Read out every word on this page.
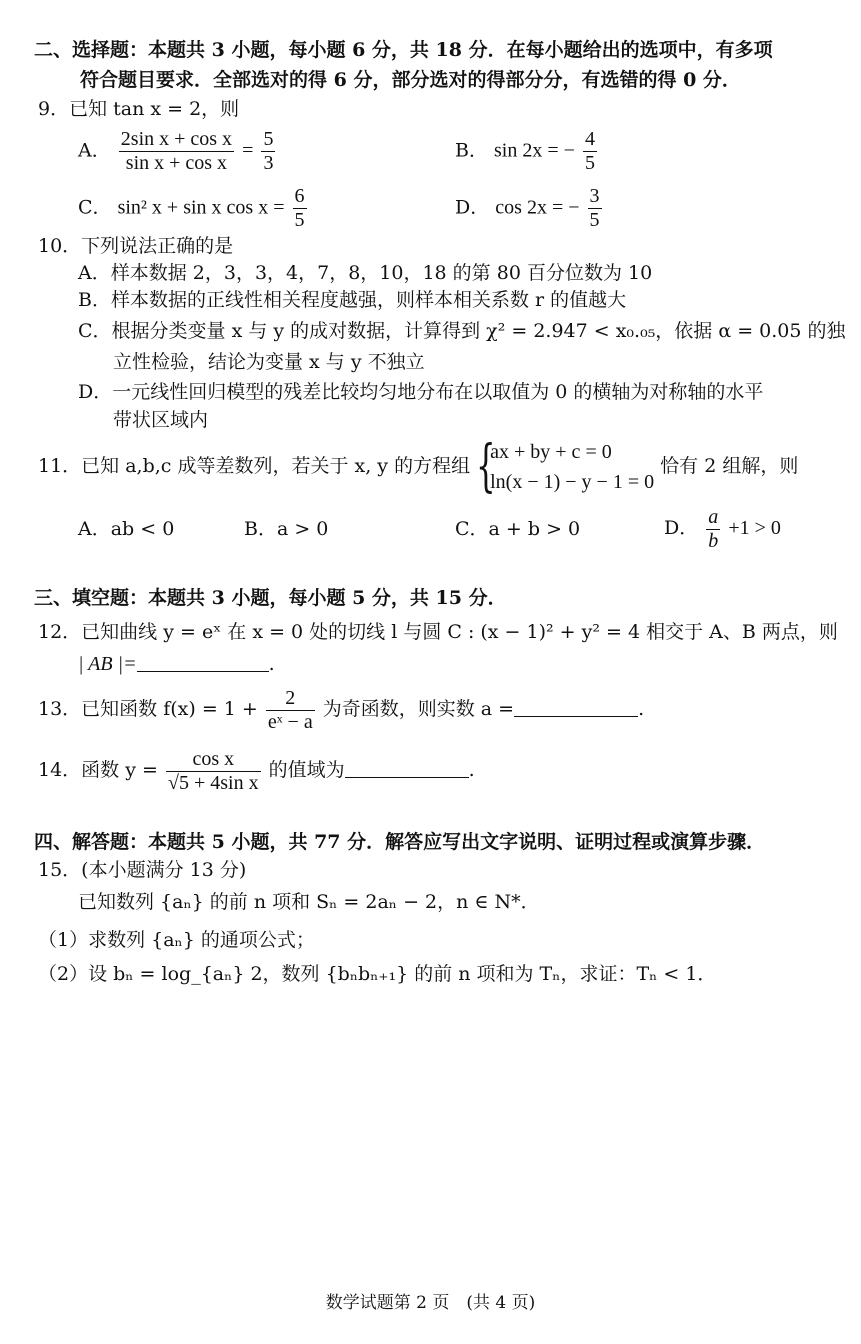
二、选择题：本题共 3 小题，每小题 6 分，共 18 分．在每小题给出的选项中，有多项
符合题目要求．全部选对的得 6 分，部分选对的得部分分，有选错的得 0 分．
9．已知 tan x = 2，则
A． $\frac{\text{2sin x + cos x}}{\text{sin x + cos x}} = \frac{5}{3}$	B． sin 2x = − $\frac{4}{5}$
C． sin² x + sin x $\cos x = \frac{6}{5}$	D． cos 2x = − $\frac{3}{5}$
10．下列说法正确的是
A．样本数据 2，3，3，4，7，8，10，18 的第 80 百分位数为 10
B．样本数据的正线性相关程度越强，则样本相关系数 r 的值越大
C．根据分类变量 x 与 y 的成对数据，计算得到 χ² = 2.947 < x₀.₀₅，依据 α = 0.05 的独
立性检验，结论为变量 x 与 y 不独立
D．一元线性回归模型的残差比较均匀地分布在以取值为 0 的横轴为对称轴的水平
带状区域内
11．已知 a,b,c 成等差数列，若关于 x, y 的方程组 {
ax + by + c = 0
ln(x − 1) − y − 1 = 0
恰有 2 组解，则
A．ab < 0	B．a > 0	C．a + b > 0	D． $\frac{a}{b} +1 > 0$
三、填空题：本题共 3 小题，每小题 5 分，共 15 分．
12．已知曲线 y = eˣ 在 x = 0 处的切线 l 与圆 C : (x − 1)² + y² = 4 相交于 A、B 两点，则
| AB |=	.
13．已知函数 $f(x) = 1 + \frac{2}{\text{eˣ − a}}$ 为奇函数，则实数 a =	.
14．函数 $y = \frac{\text{cos x}}{\text{√5 + 4sin x}}$ 的值域为	.
四、解答题：本题共 5 小题，共 77 分．解答应写出文字说明、证明过程或演算步骤．
15．(本小题满分 13 分)
已知数列 {aₙ} 的前 n 项和 Sₙ = 2aₙ − 2，n ∈ N*．
（1）求数列 {aₙ} 的通项公式；
（2）设 bₙ = log_{aₙ} 2，数列 {bₙbₙ₊₁} 的前 n 项和为 Tₙ，求证：Tₙ < 1．
数学试题第 2 页　(共 4 页)
